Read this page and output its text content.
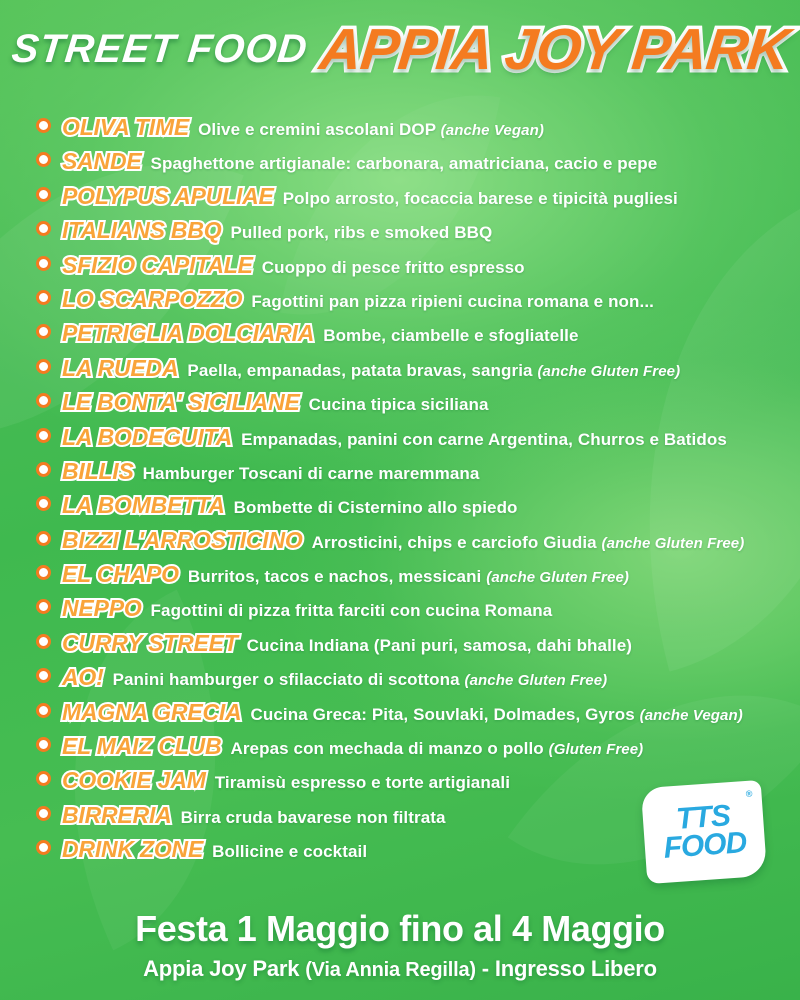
STREET FOOD APPIA JOY PARK
OLIVA TIME Olive e cremini ascolani DOP (anche Vegan)
SANDE Spaghettone artigianale: carbonara, amatriciana, cacio e pepe
POLYPUS APULIAE Polpo arrosto, focaccia barese e tipicità pugliesi
ITALIANS BBQ Pulled pork, ribs e smoked BBQ
SFIZIO CAPITALE Cuoppo di pesce fritto espresso
LO SCARPOZZO Fagottini pan pizza ripieni cucina romana e non...
PETRIGLIA DOLCIARIA Bombe, ciambelle e sfogliatelle
LA RUEDA Paella, empanadas, patata bravas, sangria (anche Gluten Free)
LE BONTA' SICILIANE Cucina tipica siciliana
LA BODEGUITA Empanadas, panini con carne Argentina, Churros e Batidos
BILLIS Hamburger Toscani di carne maremmana
LA BOMBETTA Bombette di Cisternino allo spiedo
BIZZI L'ARROSTICINO Arrosticini, chips e carciofo Giudia (anche Gluten Free)
EL CHAPO Burritos, tacos e nachos, messicani (anche Gluten Free)
NEPPO Fagottini di pizza fritta farciti con cucina Romana
CURRY STREET Cucina Indiana (Pani puri, samosa, dahi bhalle)
AO! Panini hamburger o sfilacciato di scottona (anche Gluten Free)
MAGNA GRECIA Cucina Greca: Pita, Souvlaki, Dolmades, Gyros (anche Vegan)
EL MAIZ CLUB Arepas con mechada di manzo o pollo (Gluten Free)
COOKIE JAM Tiramisù espresso e torte artigianali
BIRRERIA Birra cruda bavarese non filtrata
DRINK ZONE Bollicine e cocktail
®
TTS
FOOD
Festa 1 Maggio fino al 4 Maggio
Appia Joy Park (Via Annia Regilla) - Ingresso Libero
